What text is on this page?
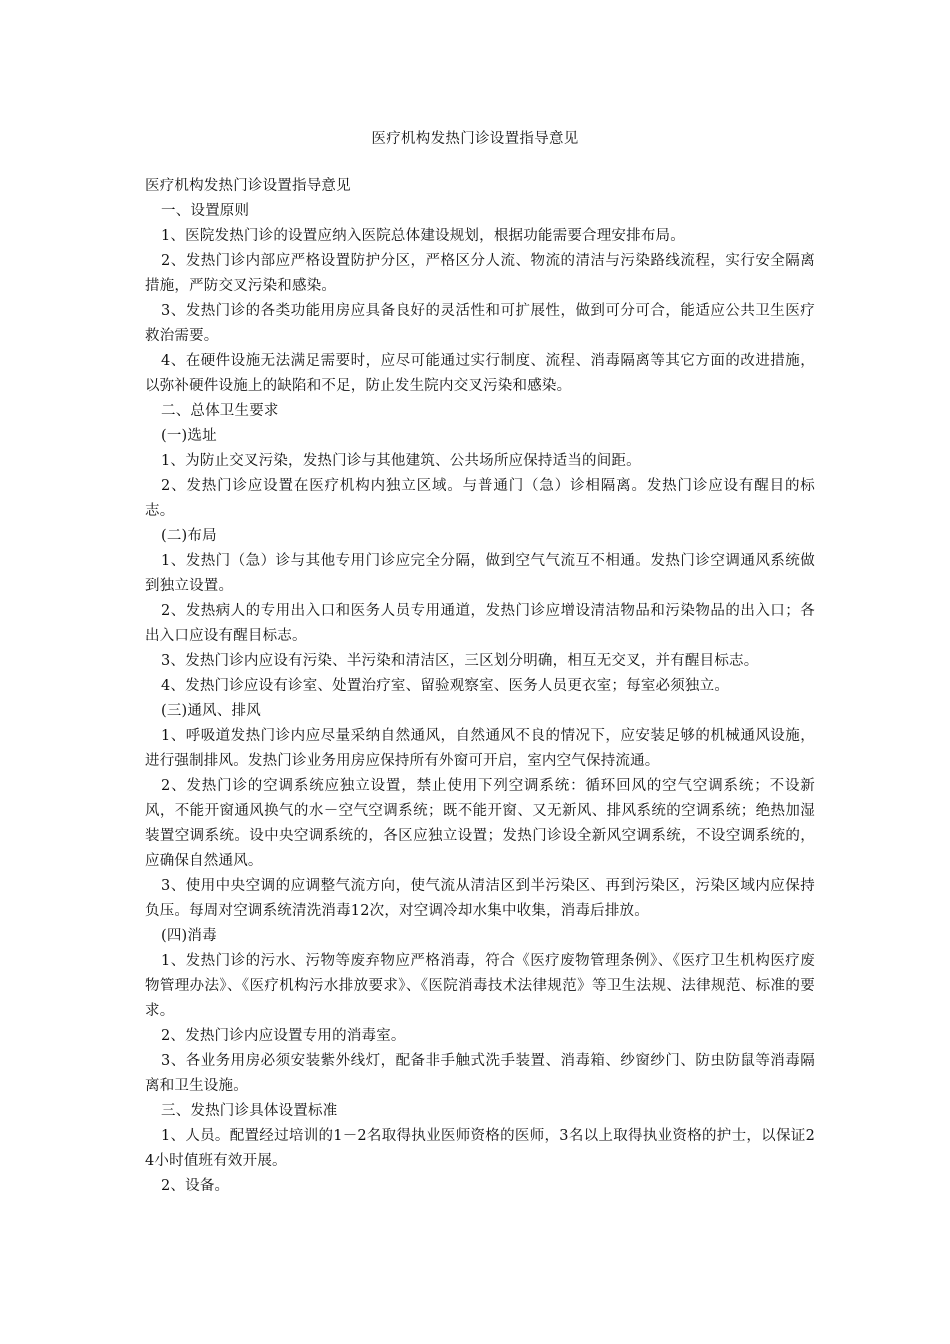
医疗机构发热门诊设置指导意见

医疗机构发热门诊设置指导意见

一、设置原则

1、医院发热门诊的设置应纳入医院总体建设规划，根据功能需要合理安排布局。

2、发热门诊内部应严格设置防护分区，严格区分人流、物流的清洁与污染路线流程，实行安全隔离措施，严防交叉污染和感染。

3、发热门诊的各类功能用房应具备良好的灵活性和可扩展性，做到可分可合，能适应公共卫生医疗救治需要。

4、在硬件设施无法满足需要时，应尽可能通过实行制度、流程、消毒隔离等其它方面的改进措施，以弥补硬件设施上的缺陷和不足，防止发生院内交叉污染和感染。

二、总体卫生要求

(一)选址

1、为防止交叉污染，发热门诊与其他建筑、公共场所应保持适当的间距。

2、发热门诊应设置在医疗机构内独立区域。与普通门（急）诊相隔离。发热门诊应设有醒目的标志。

(二)布局

1、发热门（急）诊与其他专用门诊应完全分隔，做到空气气流互不相通。发热门诊空调通风系统做到独立设置。

2、发热病人的专用出入口和医务人员专用通道，发热门诊应增设清洁物品和污染物品的出入口；各出入口应设有醒目标志。

3、发热门诊内应设有污染、半污染和清洁区，三区划分明确，相互无交叉，并有醒目标志。

4、发热门诊应设有诊室、处置治疗室、留验观察室、医务人员更衣室；每室必须独立。

(三)通风、排风

1、呼吸道发热门诊内应尽量采纳自然通风，自然通风不良的情况下，应安装足够的机械通风设施，进行强制排风。发热门诊业务用房应保持所有外窗可开启，室内空气保持流通。

2、发热门诊的空调系统应独立设置，禁止使用下列空调系统：循环回风的空气空调系统；不设新风，不能开窗通风换气的水－空气空调系统；既不能开窗、又无新风、排风系统的空调系统；绝热加湿装置空调系统。设中央空调系统的，各区应独立设置；发热门诊设全新风空调系统，不设空调系统的，应确保自然通风。

3、使用中央空调的应调整气流方向，使气流从清洁区到半污染区、再到污染区，污染区域内应保持负压。每周对空调系统清洗消毒12次，对空调冷却水集中收集，消毒后排放。

(四)消毒

1、发热门诊的污水、污物等废弃物应严格消毒，符合《医疗废物管理条例》、《医疗卫生机构医疗废物管理办法》、《医疗机构污水排放要求》、《医院消毒技术法律规范》等卫生法规、法律规范、标准的要求。

2、发热门诊内应设置专用的消毒室。

3、各业务用房必须安装紫外线灯，配备非手触式洗手装置、消毒箱、纱窗纱门、防虫防鼠等消毒隔离和卫生设施。

三、发热门诊具体设置标准

1、人员。配置经过培训的1－2名取得执业医师资格的医师，3名以上取得执业资格的护士，以保证24小时值班有效开展。

2、设备。
